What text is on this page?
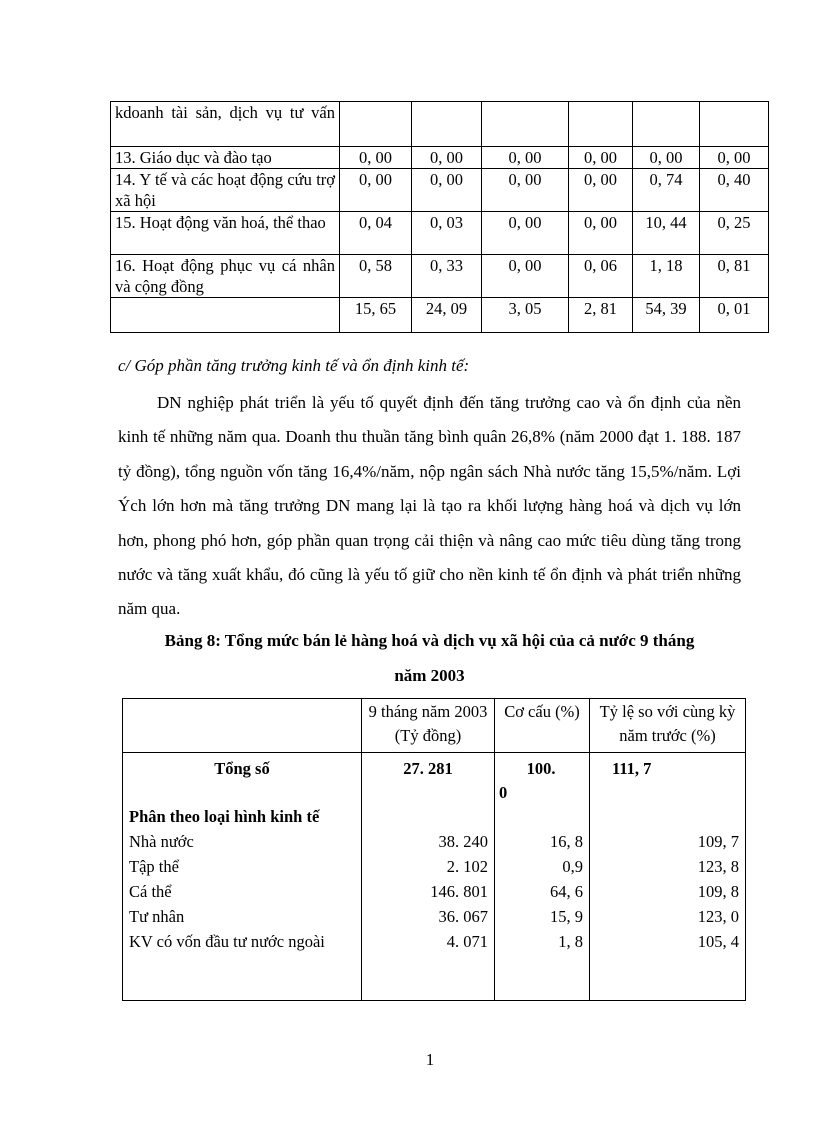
kdoanh tài sản, dịch vụ tư vấn						
13. Giáo dục và đào tạo	0, 00	0, 00	0, 00	0, 00	0, 00	0, 00
14. Y tế và các hoạt động cứu trợ xã hội	0, 00	0, 00	0, 00	0, 00	0, 74	0, 40
15. Hoạt động văn hoá, thể thao	0, 04	0, 03	0, 00	0, 00	10, 44	0, 25
16. Hoạt động phục vụ cá nhân và cộng đồng	0, 58	0, 33	0, 00	0, 06	1, 18	0, 81
	15, 65	24, 09	3, 05	2, 81	54, 39	0, 01
c/ Góp phần tăng trưởng kinh tế và ổn định kinh tế:

DN nghiệp phát triển là yếu tố quyết định đến tăng trưởng cao và ổn định của nền kinh tế những năm qua. Doanh thu thuần tăng bình quân 26,8% (năm 2000 đạt 1. 188. 187 tỷ đồng), tổng nguồn vốn tăng 16,4%/năm, nộp ngân sách Nhà nước tăng 15,5%/năm. Lợi Ých lớn hơn mà tăng trưởng DN mang lại là tạo ra khối lượng hàng hoá và dịch vụ lớn hơn, phong phó hơn, góp phần quan trọng cải thiện và nâng cao mức tiêu dùng tăng trong nước và tăng xuất khẩu, đó cũng là yếu tố giữ cho nền kinh tế ổn định và phát triển những năm qua.

Bảng 8: Tổng mức bán lẻ hàng hoá và dịch vụ xã hội của cả nước 9 tháng
năm 2003
	9 tháng năm 2003 (Tỷ đồng)	Cơ cấu (%)	Tỷ lệ so với cùng kỳ năm trước (%)
Tổng số	27. 281	100.
0	111, 7
Phân theo loại hình kinh tế			
Nhà nước	38. 240	16, 8	109, 7
Tập thể	2. 102	0,9	123, 8
Cá thể	146. 801	64, 6	109, 8
Tư nhân	36. 067	15, 9	123, 0
KV có vốn đầu tư nước ngoài	4. 071	1, 8	105, 4
1
